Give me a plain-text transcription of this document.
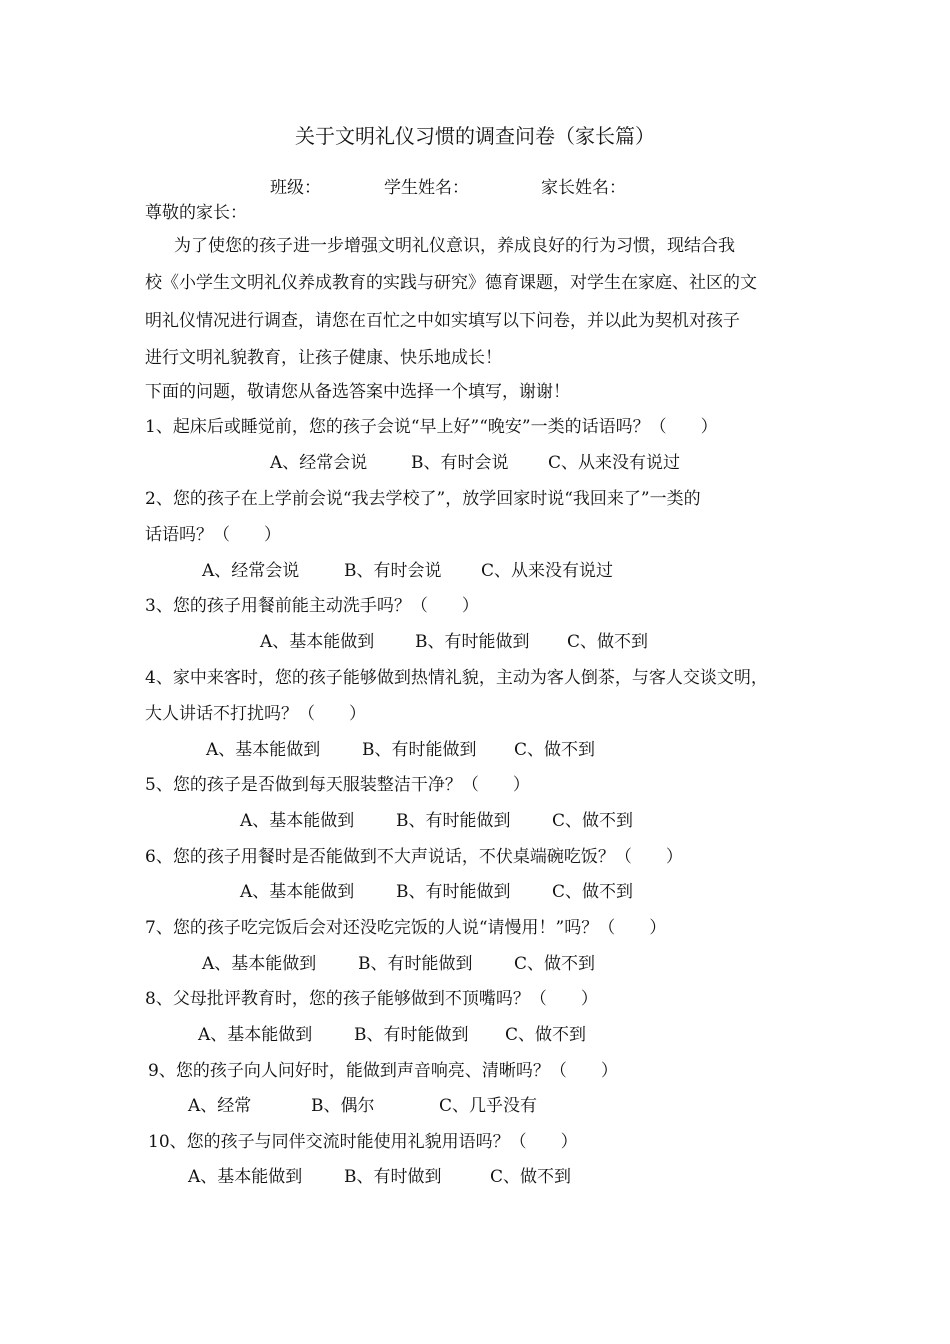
关于文明礼仪习惯的调查问卷（家长篇）
班级：	学生姓名：	家长姓名：
尊敬的家长：
为了使您的孩子进一步增强文明礼仪意识，养成良好的行为习惯，现结合我
校《小学生文明礼仪养成教育的实践与研究》德育课题，对学生在家庭、社区的文
明礼仪情况进行调查，请您在百忙之中如实填写以下问卷，并以此为契机对孩子
进行文明礼貌教育，让孩子健康、快乐地成长！
下面的问题，敬请您从备选答案中选择一个填写，谢谢！
1、起床后或睡觉前，您的孩子会说“早上好”“晚安”一类的话语吗？（　　）
A、经常会说	B、有时会说 C、从来没有说过
2、您的孩子在上学前会说“我去学校了”，放学回家时说“我回来了”一类的
话语吗？（　　）
A、经常会说	B、有时会说 C、从来没有说过
3、您的孩子用餐前能主动洗手吗？（　　）
A、基本能做到 B、有时能做到 C、做不到
4、家中来客时，您的孩子能够做到热情礼貌，主动为客人倒茶，与客人交谈文明，
大人讲话不打扰吗？（　　）
A、基本能做到 B、有时能做到 C、做不到
5、您的孩子是否做到每天服装整洁干净？（　　）
A、基本能做到 B、有时能做到 C、做不到
6、您的孩子用餐时是否能做到不大声说话，不伏桌端碗吃饭？（　　）
A、基本能做到 B、有时能做到 C、做不到
7、您的孩子吃完饭后会对还没吃完饭的人说“请慢用！”吗？（　　）
A、基本能做到 B、有时能做到 C、做不到
8、父母批评教育时，您的孩子能够做到不顶嘴吗？（　　）
A、基本能做到 B、有时能做到 C、做不到
9、您的孩子向人问好时，能做到声音响亮、清晰吗？（　　）
A、经常	B、偶尔	C、几乎没有
10、您的孩子与同伴交流时能使用礼貌用语吗？（　　）
A、基本能做到 B、有时做到	C、做不到
